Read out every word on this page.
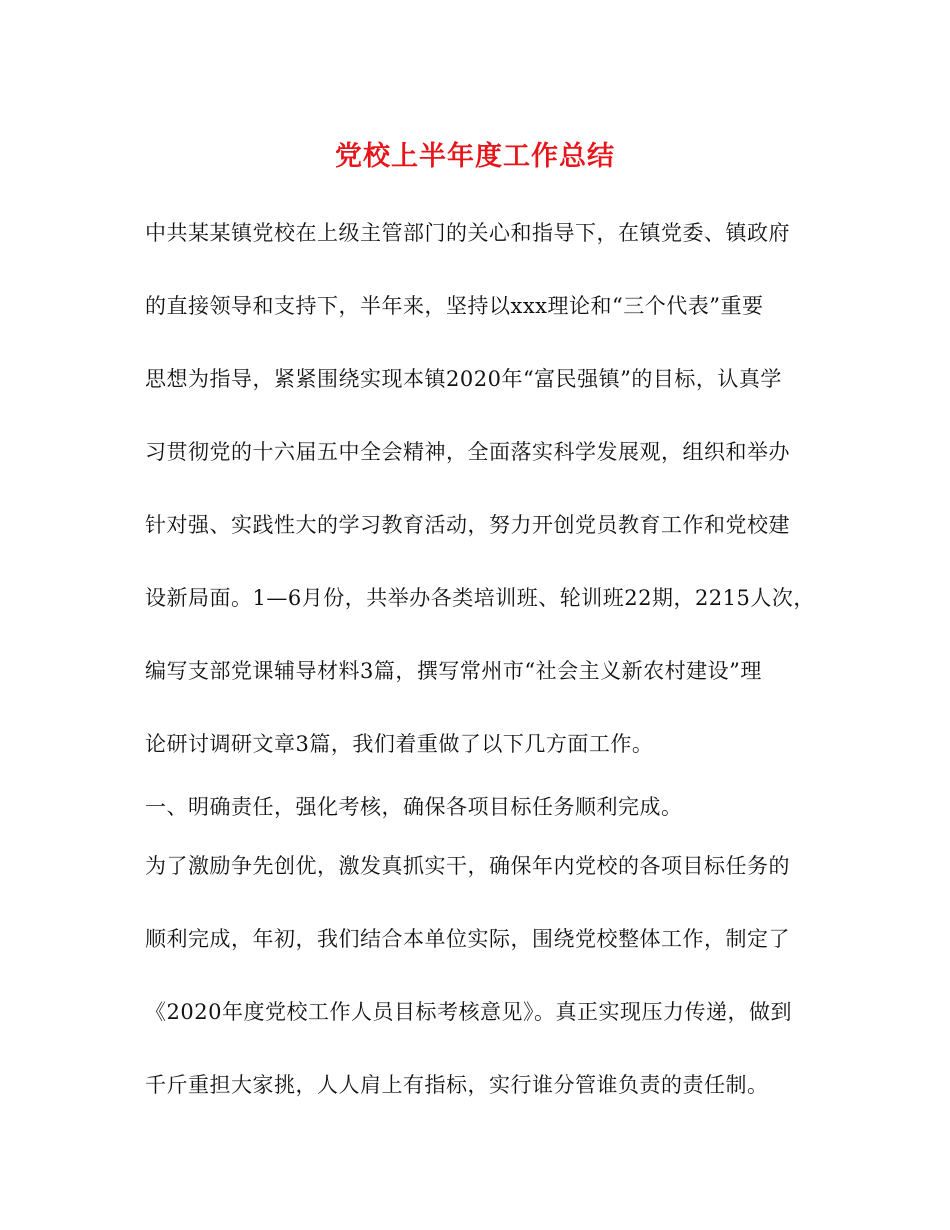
党校上半年度工作总结
中共某某镇党校在上级主管部门的关心和指导下，在镇党委、镇政府
的直接领导和支持下，半年来，坚持以xxx理论和“三个代表”重要
思想为指导，紧紧围绕实现本镇2020年“富民强镇”的目标，认真学
习贯彻党的十六届五中全会精神，全面落实科学发展观，组织和举办
针对强、实践性大的学习教育活动，努力开创党员教育工作和党校建
设新局面。1—6月份，共举办各类培训班、轮训班22期，2215人次，
编写支部党课辅导材料3篇，撰写常州市“社会主义新农村建设”理
论研讨调研文章3篇，我们着重做了以下几方面工作。
一、明确责任，强化考核，确保各项目标任务顺利完成。
为了激励争先创优，激发真抓实干，确保年内党校的各项目标任务的
顺利完成，年初，我们结合本单位实际，围绕党校整体工作，制定了
《2020年度党校工作人员目标考核意见》。真正实现压力传递，做到
千斤重担大家挑，人人肩上有指标，实行谁分管谁负责的责任制。
